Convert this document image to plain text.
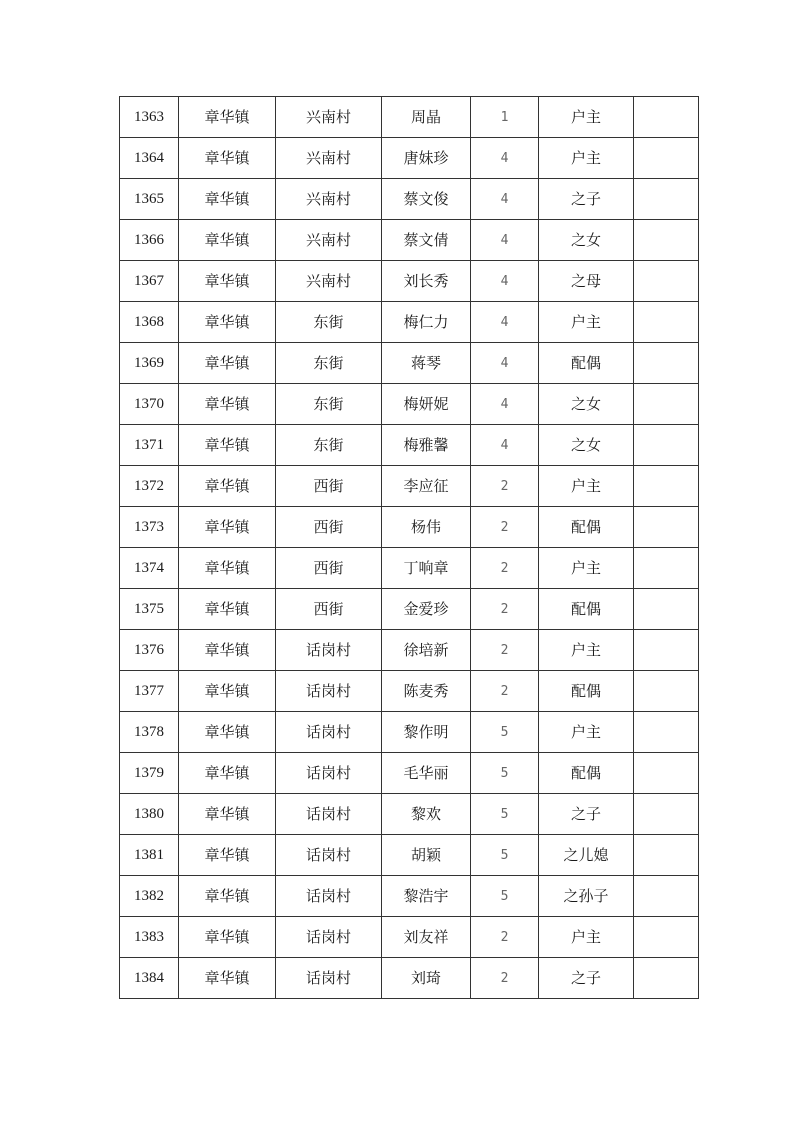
1363	章华镇	兴南村	周晶	1	户主	
1364	章华镇	兴南村	唐妹珍	4	户主	
1365	章华镇	兴南村	蔡文俊	4	之子	
1366	章华镇	兴南村	蔡文倩	4	之女	
1367	章华镇	兴南村	刘长秀	4	之母	
1368	章华镇	东街	梅仁力	4	户主	
1369	章华镇	东街	蒋琴	4	配偶	
1370	章华镇	东街	梅妍妮	4	之女	
1371	章华镇	东街	梅雅馨	4	之女	
1372	章华镇	西街	李应征	2	户主	
1373	章华镇	西街	杨伟	2	配偶	
1374	章华镇	西街	丁响章	2	户主	
1375	章华镇	西街	金爱珍	2	配偶	
1376	章华镇	话岗村	徐培新	2	户主	
1377	章华镇	话岗村	陈麦秀	2	配偶	
1378	章华镇	话岗村	黎作明	5	户主	
1379	章华镇	话岗村	毛华丽	5	配偶	
1380	章华镇	话岗村	黎欢	5	之子	
1381	章华镇	话岗村	胡颖	5	之儿媳	
1382	章华镇	话岗村	黎浩宇	5	之孙子	
1383	章华镇	话岗村	刘友祥	2	户主	
1384	章华镇	话岗村	刘琦	2	之子	
